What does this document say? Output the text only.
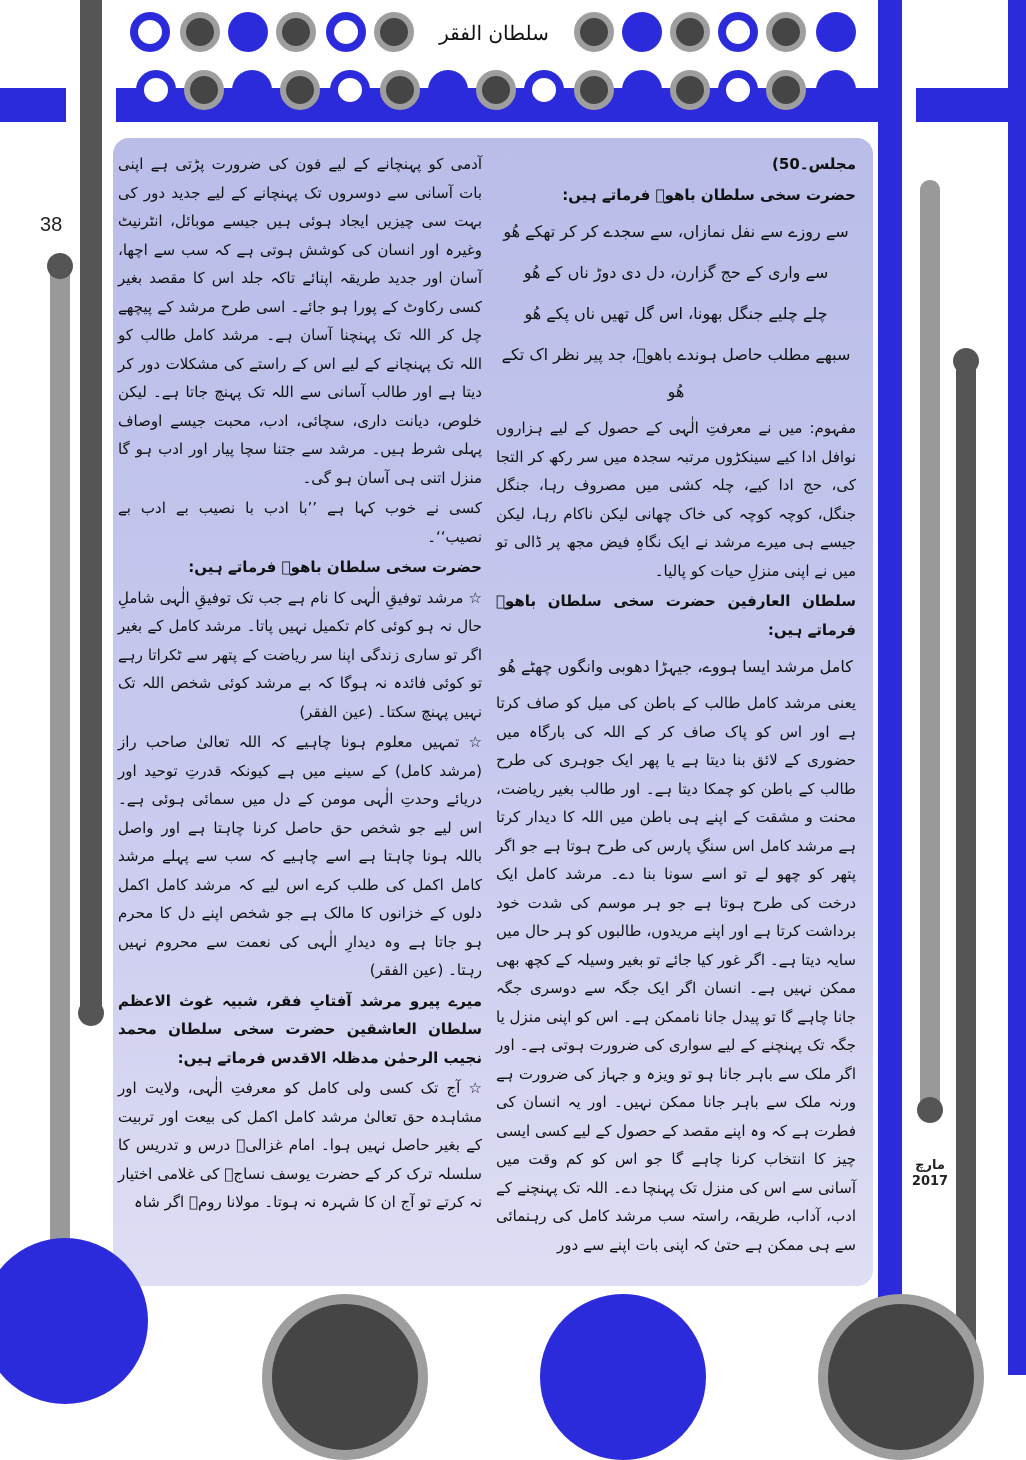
سلطان الفقر
38
مارچ
2017

مجلس۔50)

حضرت سخی سلطان باھوؒ فرماتے ہیں:

سے روزے سے نفل نمازاں، سے سجدے کر کر تھکے ھُو

سے واری کے حج گزارن، دل دی دوڑ ناں کے ھُو

چلے چلیے جنگل بھونا، اس گل تھیں ناں پکے ھُو

سبھے مطلب حاصل ہوندے باھوؒ، جد پیر نظر اک تکے ھُو

مفہوم: میں نے معرفتِ الٰہی کے حصول کے لیے ہزاروں نوافل ادا کیے سینکڑوں مرتبہ سجدہ میں سر رکھ کر التجا کی، حج ادا کیے، چلہ کشی میں مصروف رہا، جنگل جنگل، کوچہ کوچہ کی خاک چھانی لیکن ناکام رہا، لیکن جیسے ہی میرے مرشد نے ایک نگاہِ فیض مجھ پر ڈالی تو میں نے اپنی منزلِ حیات کو پالیا۔

سلطان العارفین حضرت سخی سلطان باھوؒ فرماتے ہیں:

کامل مرشد ایسا ہووے، جیہڑا دھوبی وانگوں چھٹے ھُو

یعنی مرشد کامل طالب کے باطن کی میل کو صاف کرتا ہے اور اس کو پاک صاف کر کے اللہ کی بارگاہ میں حضوری کے لائق بنا دیتا ہے یا پھر ایک جوہری کی طرح طالب کے باطن کو چمکا دیتا ہے۔ اور طالب بغیر ریاضت، محنت و مشقت کے اپنے ہی باطن میں اللہ کا دیدار کرتا ہے مرشد کامل اس سنگِ پارس کی طرح ہوتا ہے جو اگر پتھر کو چھو لے تو اسے سونا بنا دے۔ مرشد کامل ایک درخت کی طرح ہوتا ہے جو ہر موسم کی شدت خود برداشت کرتا ہے اور اپنے مریدوں، طالبوں کو ہر حال میں سایہ دیتا ہے۔ اگر غور کیا جائے تو بغیر وسیلہ کے کچھ بھی ممکن نہیں ہے۔ انسان اگر ایک جگہ سے دوسری جگہ جانا چاہے گا تو پیدل جانا ناممکن ہے۔ اس کو اپنی منزل یا جگہ تک پہنچنے کے لیے سواری کی ضرورت ہوتی ہے۔ اور اگر ملک سے باہر جانا ہو تو ویزہ و جہاز کی ضرورت ہے ورنہ ملک سے باہر جانا ممکن نہیں۔ اور یہ انسان کی فطرت ہے کہ وہ اپنے مقصد کے حصول کے لیے کسی ایسی چیز کا انتخاب کرنا چاہے گا جو اس کو کم وقت میں آسانی سے اس کی منزل تک پہنچا دے۔ اللہ تک پہنچنے کے ادب، آداب، طریقہ، راستہ سب مرشد کامل کی رہنمائی سے ہی ممکن ہے حتیٰ کہ اپنی بات اپنے سے دور

آدمی کو پہنچانے کے لیے فون کی ضرورت پڑتی ہے اپنی بات آسانی سے دوسروں تک پہنچانے کے لیے جدید دور کی بہت سی چیزیں ایجاد ہوئی ہیں جیسے موبائل، انٹرنیٹ وغیرہ اور انسان کی کوشش ہوتی ہے کہ سب سے اچھا، آسان اور جدید طریقہ اپنائے تاکہ جلد اس کا مقصد بغیر کسی رکاوٹ کے پورا ہو جائے۔ اسی طرح مرشد کے پیچھے چل کر اللہ تک پہنچنا آسان ہے۔ مرشد کامل طالب کو اللہ تک پہنچانے کے لیے اس کے راستے کی مشکلات دور کر دیتا ہے اور طالب آسانی سے اللہ تک پہنچ جاتا ہے۔ لیکن خلوص، دیانت داری، سچائی، ادب، محبت جیسے اوصاف پہلی شرط ہیں۔ مرشد سے جتنا سچا پیار اور ادب ہو گا منزل اتنی ہی آسان ہو گی۔

کسی نے خوب کہا ہے ’’با ادب با نصیب بے ادب بے نصیب‘‘۔

حضرت سخی سلطان باھوؒ فرماتے ہیں:

☆ مرشد توفیقِ الٰہی کا نام ہے جب تک توفیقِ الٰہی شاملِ حال نہ ہو کوئی کام تکمیل نہیں پاتا۔ مرشد کامل کے بغیر اگر تو ساری زندگی اپنا سر ریاضت کے پتھر سے ٹکراتا رہے تو کوئی فائدہ نہ ہوگا کہ بے مرشد کوئی شخص اللہ تک نہیں پہنچ سکتا۔ (عین الفقر)

☆ تمہیں معلوم ہونا چاہیے کہ اللہ تعالیٰ صاحب راز (مرشد کامل) کے سینے میں ہے کیونکہ قدرتِ توحید اور دریائے وحدتِ الٰہی مومن کے دل میں سمائی ہوئی ہے۔ اس لیے جو شخص حق حاصل کرنا چاہتا ہے اور واصل باللہ ہونا چاہتا ہے اسے چاہیے کہ سب سے پہلے مرشد کامل اکمل کی طلب کرے اس لیے کہ مرشد کامل اکمل دلوں کے خزانوں کا مالک ہے جو شخص اپنے دل کا محرم ہو جاتا ہے وہ دیدارِ الٰہی کی نعمت سے محروم نہیں رہتا۔ (عین الفقر)

میرے پیرو مرشد آفتابِ فقر، شبیہ غوث الاعظم سلطان العاشقین حضرت سخی سلطان محمد نجیب الرحمٰن مدظلہ الاقدس فرماتے ہیں:

☆ آج تک کسی ولی کامل کو معرفتِ الٰہی، ولایت اور مشاہدہ حق تعالیٰ مرشد کامل اکمل کی بیعت اور تربیت کے بغیر حاصل نہیں ہوا۔ امام غزالیؒ درس و تدریس کا سلسلہ ترک کر کے حضرت یوسف نساجؒ کی غلامی اختیار نہ کرتے تو آج ان کا شہرہ نہ ہوتا۔ مولانا رومؒ اگر شاہ
